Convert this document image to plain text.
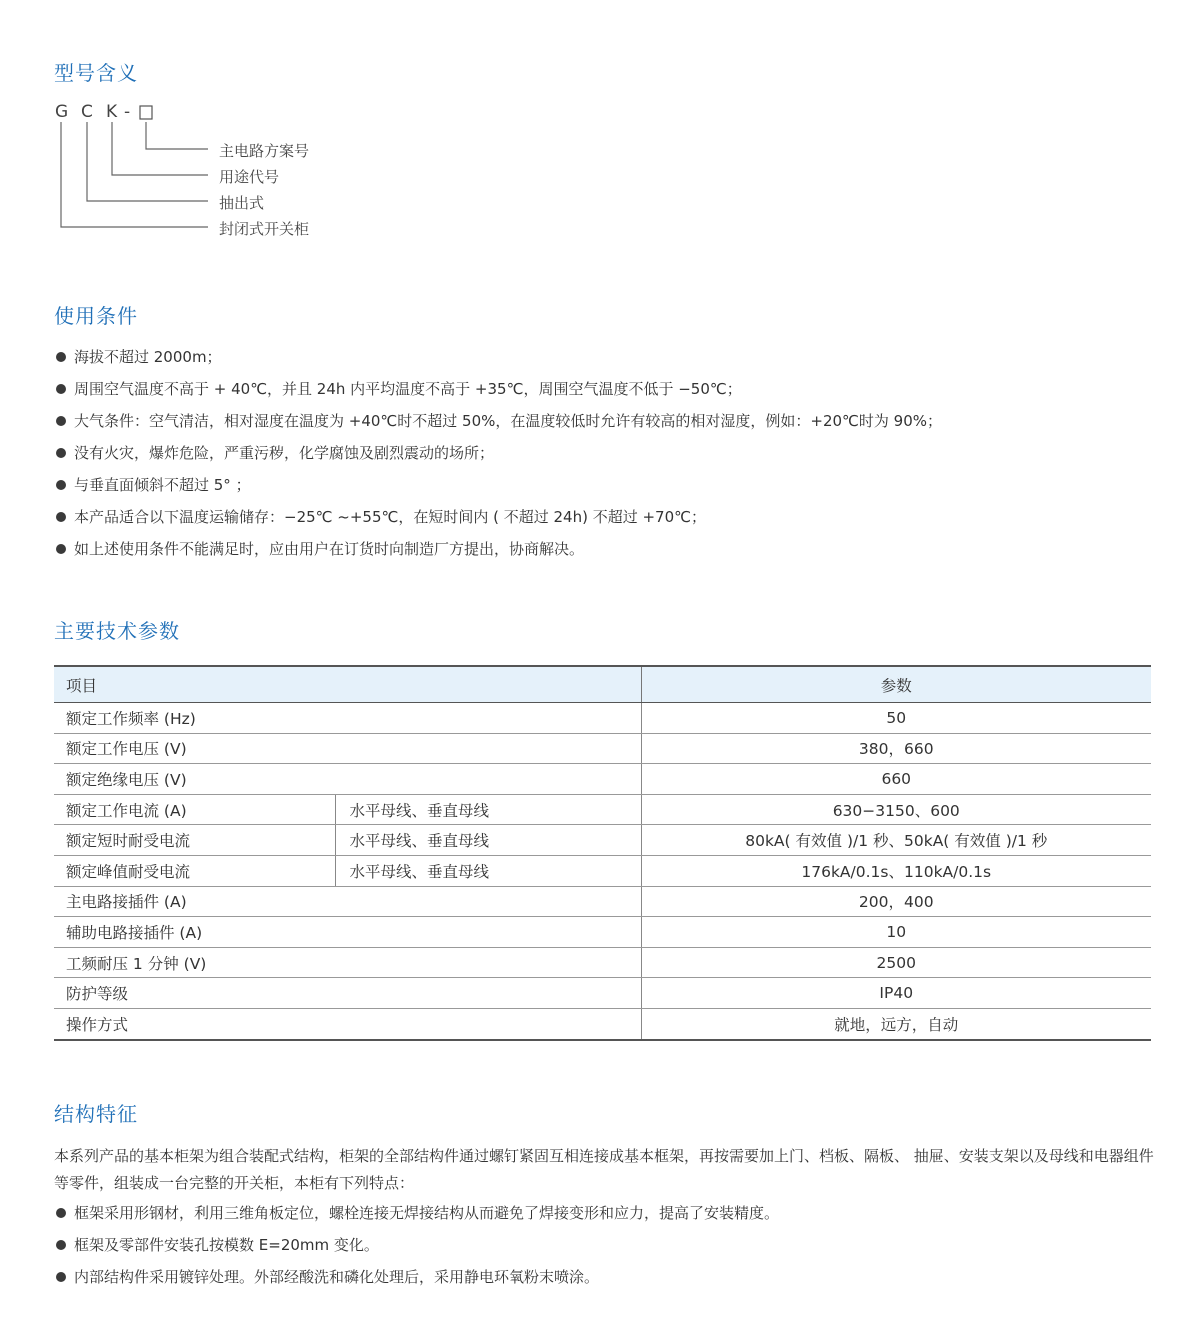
型号含义
G C K -
主电路方案号
用途代号
抽出式
封闭式开关柜
使用条件
海拔不超过 2000m；
周围空气温度不高于 + 40℃，并且 24h 内平均温度不高于 +35℃，周围空气温度不低于 −50℃；
大气条件：空气清洁，相对湿度在温度为 +40℃时不超过 50%，在温度较低时允许有较高的相对湿度，例如：+20℃时为 90%；
没有火灾，爆炸危险，严重污秽，化学腐蚀及剧烈震动的场所；
与垂直面倾斜不超过 5° ；
本产品适合以下温度运输储存：−25℃ ~+55℃，在短时间内 ( 不超过 24h) 不超过 +70℃；
如上述使用条件不能满足时，应由用户在订货时向制造厂方提出，协商解决。
主要技术参数
项目		参数
额定工作频率 (Hz)		50
额定工作电压 (V)		380，660
额定绝缘电压 (V)		660
额定工作电流 (A)	水平母线、垂直母线	630−3150、600
额定短时耐受电流	水平母线、垂直母线	80kA( 有效值 )/1 秒、50kA( 有效值 )/1 秒
额定峰值耐受电流	水平母线、垂直母线	176kA/0.1s、110kA/0.1s
主电路接插件 (A)		200，400
辅助电路接插件 (A)		10
工频耐压 1 分钟 (V)		2500
防护等级		IP40
操作方式		就地，远方，自动
结构特征

本系列产品的基本柜架为组合装配式结构，柜架的全部结构件通过螺钉紧固互相连接成基本框架，再按需要加上门、档板、隔板、 抽屉、安装支架以及母线和电器组件等零件，组装成一台完整的开关柜，本柜有下列特点：

框架采用形钢材，利用三维角板定位，螺栓连接无焊接结构从而避免了焊接变形和应力，提高了安装精度。
框架及零部件安装孔按模数 E=20mm 变化。
内部结构件采用镀锌处理。外部经酸洗和磷化处理后，采用静电环氧粉末喷涂。
